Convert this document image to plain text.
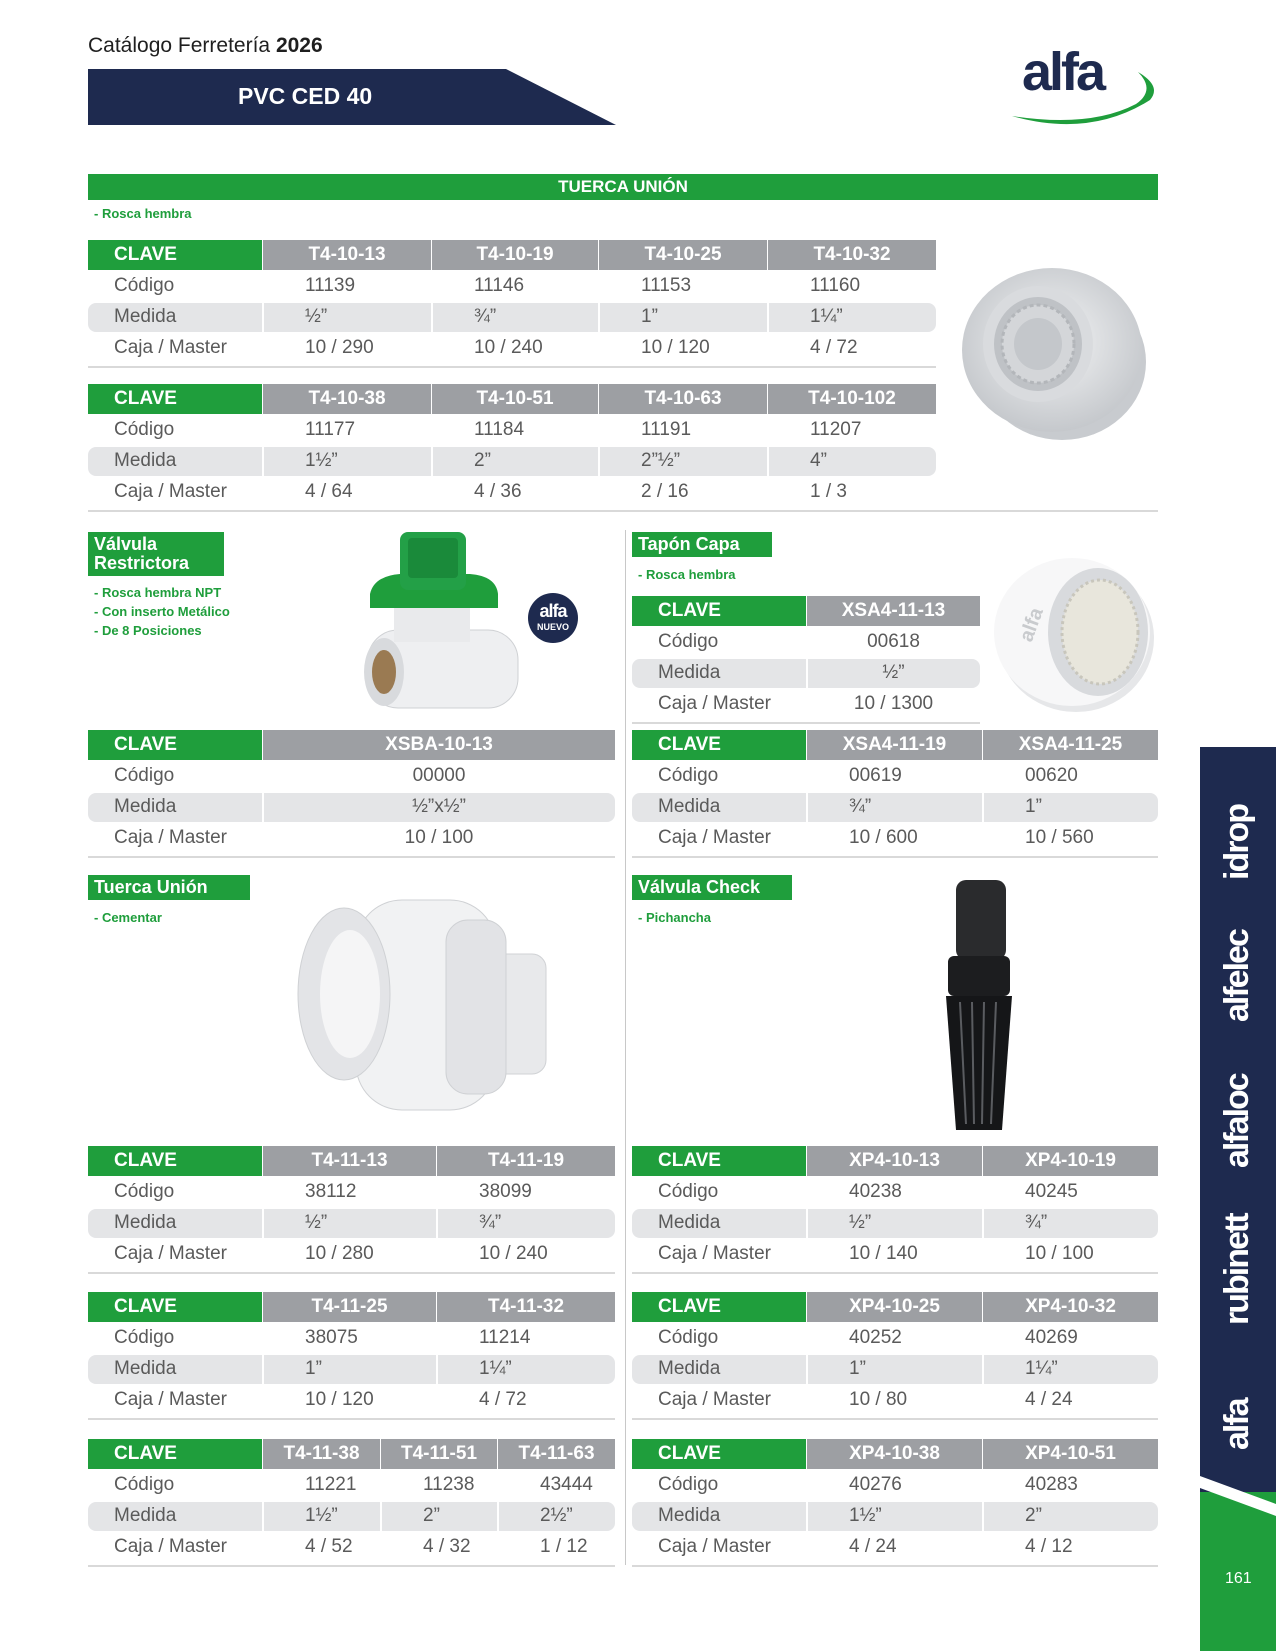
Catálogo Ferretería 2026
PVC CED 40	alfa
TUERCA UNIÓN
- Rosca hembra
CLAVE	T4-10-13	T4-10-19	T4-10-25	T4-10-32
Código	11139	11146	11153	11160
Medida	½”	¾”	1”	1¼”
Caja / Master	10 / 290	10 / 240	10 / 120	4 / 72
CLAVE	T4-10-38	T4-10-51	T4-10-63	T4-10-102
Código	11177	11184	11191	11207
Medida	1½”	2”	2”½”	4”
Caja / Master	4 / 64	4 / 36	2 / 16	1 / 3
Válvula
Restrictora
- Rosca hembra NPT
- Con inserto Metálico
- De 8 Posiciones
alfa
NUEVO
CLAVE	XSBA-10-13
Código	00000
Medida	½”x½”
Caja / Master	10 / 100
Tapón Capa
- Rosca hembra
CLAVE	XSA4-11-13
Código	00618
Medida	½”
Caja / Master	10 / 1300
alfa
CLAVE	XSA4-11-19	XSA4-11-25
Código	00619	00620
Medida	¾”	1”
Caja / Master	10 / 600	10 / 560
Tuerca Unión
- Cementar
CLAVE	T4-11-13	T4-11-19
Código	38112	38099
Medida	½”	¾”
Caja / Master	10 / 280	10 / 240
CLAVE	T4-11-25	T4-11-32
Código	38075	11214
Medida	1”	1¼”
Caja / Master	10 / 120	4 / 72
CLAVE	T4-11-38	T4-11-51	T4-11-63
Código	11221	11238	43444
Medida	1½”	2”	2½”
Caja / Master	4 / 52	4 / 32	1 / 12
Válvula Check
- Pichancha
CLAVE	XP4-10-13	XP4-10-19
Código	40238	40245
Medida	½”	¾”
Caja / Master	10 / 140	10 / 100
CLAVE	XP4-10-25	XP4-10-32
Código	40252	40269
Medida	1”	1¼”
Caja / Master	10 / 80	4 / 24
CLAVE	XP4-10-38	XP4-10-51
Código	40276	40283
Medida	1½”	2”
Caja / Master	4 / 24	4 / 12
idrop
alfelec
alfaloc
rubinett
alfa
161
